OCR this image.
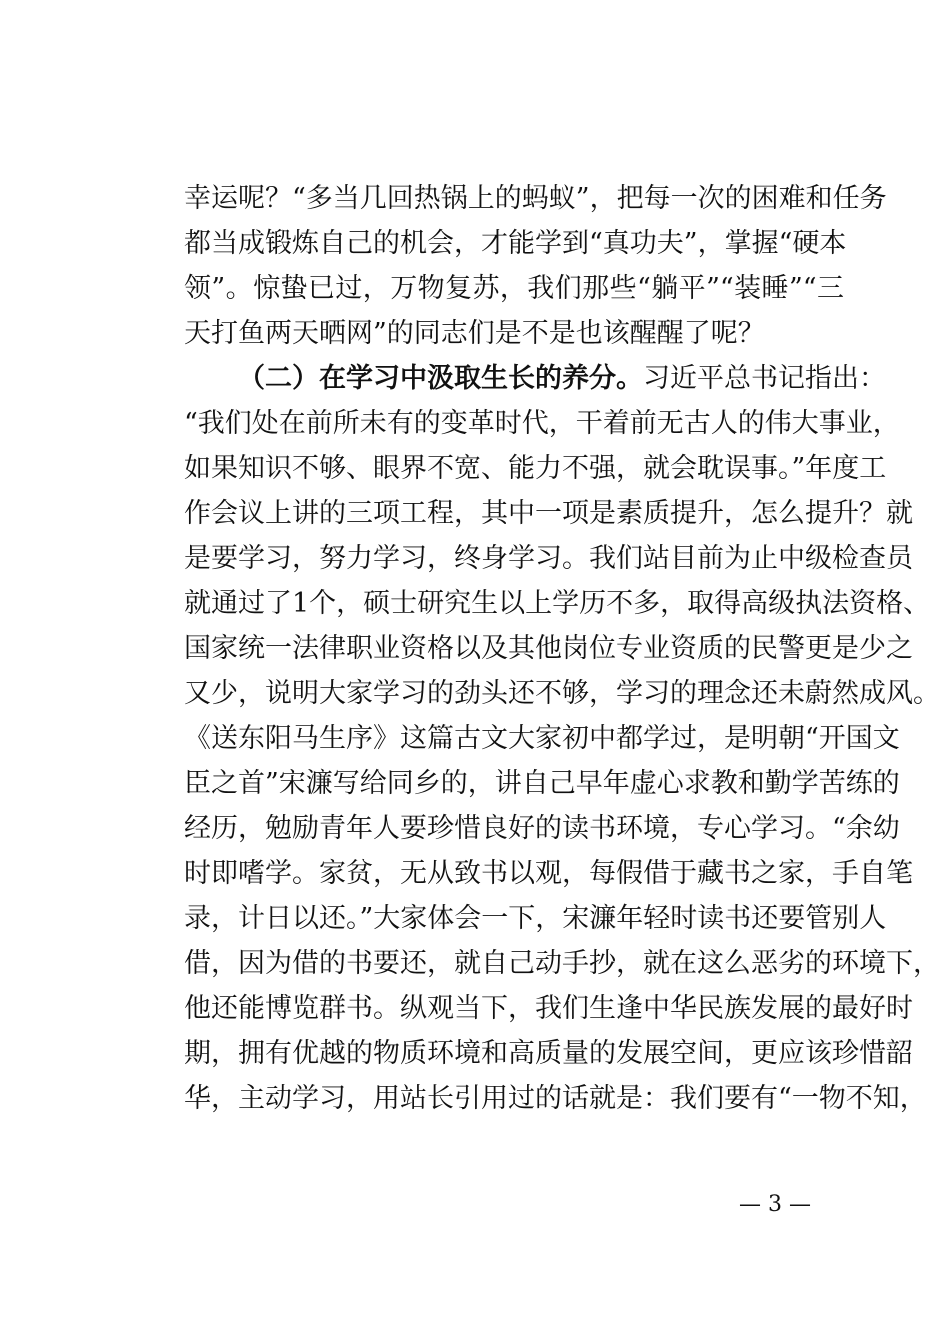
幸运呢？“多当几回热锅上的蚂蚁”，把每一次的困难和任务
都当成锻炼自己的机会，才能学到“真功夫”，掌握“硬本
领”。惊蛰已过，万物复苏，我们那些“躺平”“装睡”“三
天打鱼两天晒网”的同志们是不是也该醒醒了呢？
（二）在学习中汲取生长的养分。习近平总书记指出：
“我们处在前所未有的变革时代，干着前无古人的伟大事业，
如果知识不够、眼界不宽、能力不强，就会耽误事。”年度工
作会议上讲的三项工程，其中一项是素质提升，怎么提升？就
是要学习，努力学习，终身学习。我们站目前为止中级检查员
就通过了1个，硕士研究生以上学历不多，取得高级执法资格、
国家统一法律职业资格以及其他岗位专业资质的民警更是少之
又少，说明大家学习的劲头还不够，学习的理念还未蔚然成风。
《送东阳马生序》这篇古文大家初中都学过，是明朝“开国文
臣之首”宋濂写给同乡的，讲自己早年虚心求教和勤学苦练的
经历，勉励青年人要珍惜良好的读书环境，专心学习。“余幼
时即嗜学。家贫，无从致书以观，每假借于藏书之家，手自笔
录，计日以还。”大家体会一下，宋濂年轻时读书还要管别人
借，因为借的书要还，就自己动手抄，就在这么恶劣的环境下，
他还能博览群书。纵观当下，我们生逢中华民族发展的最好时
期，拥有优越的物质环境和高质量的发展空间，更应该珍惜韶
华，主动学习，用站长引用过的话就是：我们要有“一物不知，
— 3 —
